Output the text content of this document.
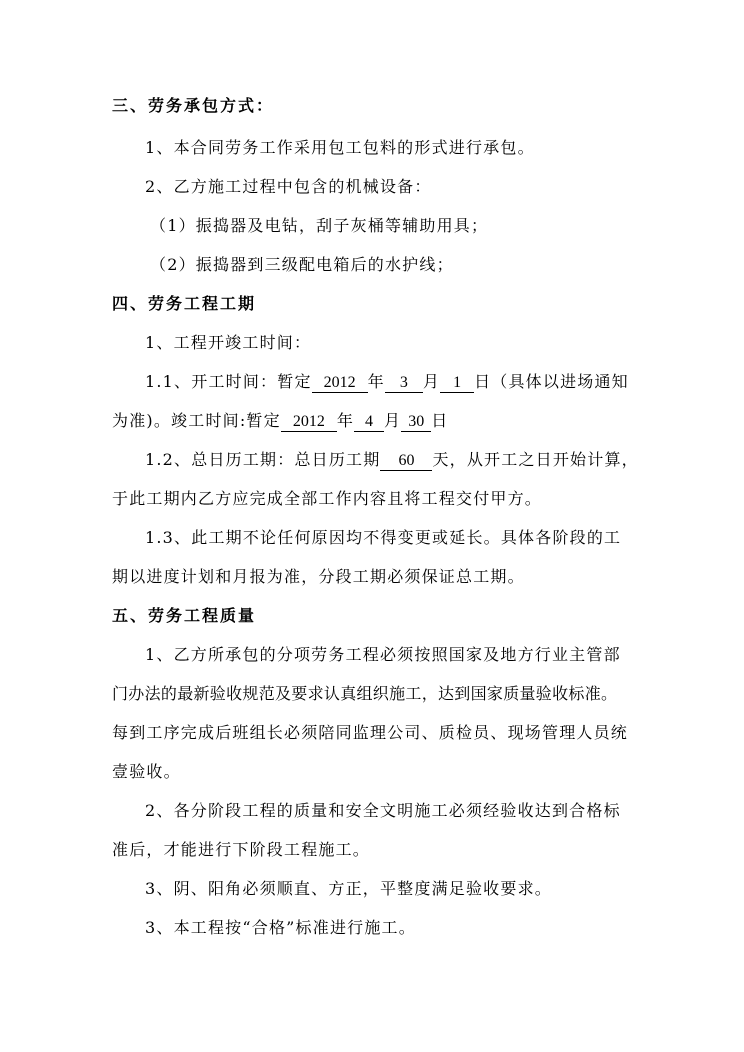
三、劳务承包方式：
1、本合同劳务工作采用包工包料的形式进行承包。
2、乙方施工过程中包含的机械设备：
（1）振捣器及电钻，刮子灰桶等辅助用具；
（2）振捣器到三级配电箱后的水护线；
四、劳务工程工期
1、工程开竣工时间：
1.1、开工时间：暂定 2012 年 3 月 1 日（具体以进场通知
为准)。竣工时间:暂定 2012 年 4 月 30 日
1.2、总日历工期：总日历工期 60 天，从开工之日开始计算，
于此工期内乙方应完成全部工作内容且将工程交付甲方。
1.3、此工期不论任何原因均不得变更或延长。具体各阶段的工
期以进度计划和月报为准，分段工期必须保证总工期。
五、劳务工程质量
1、乙方所承包的分项劳务工程必须按照国家及地方行业主管部
门办法的最新验收规范及要求认真组织施工，达到国家质量验收标准。
每到工序完成后班组长必须陪同监理公司、质检员、现场管理人员统
壹验收。
2、各分阶段工程的质量和安全文明施工必须经验收达到合格标
准后，才能进行下阶段工程施工。
3、阴、阳角必须顺直、方正，平整度满足验收要求。
3、本工程按“合格”标准进行施工。
